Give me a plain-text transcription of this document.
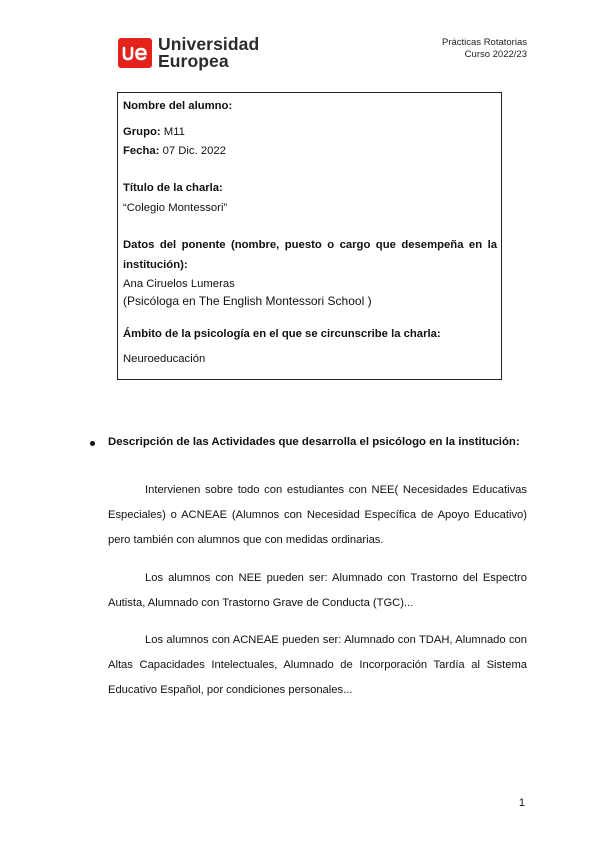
Universidad
Europea
Prácticas Rotatorias
Curso 2022/23
Nombre del alumno:
Grupo: M11
Fecha: 07 Dic. 2022
Título de la charla:
“Colegio Montessori”
Datos del ponente (nombre, puesto o cargo que desempeña en la
institución):
Ana Ciruelos Lumeras
(Psicóloga en The English Montessori School )
Ámbito de la psicología en el que se circunscribe la charla:
Neuroeducación
Descripción de las Actividades que desarrolla el psicólogo en la institución:
Intervienen sobre todo con estudiantes con NEE( Necesidades Educativas Especiales) o ACNEAE (Alumnos con Necesidad Específica de Apoyo Educativo) pero también con alumnos que con medidas ordinarias.
Los alumnos con NEE pueden ser: Alumnado con Trastorno del Espectro Autista, Alumnado con Trastorno Grave de Conducta (TGC)...
Los alumnos con ACNEAE pueden ser: Alumnado con TDAH, Alumnado con Altas Capacidades Intelectuales, Alumnado de Incorporación Tardía al Sistema Educativo Español, por condiciones personales...
1
